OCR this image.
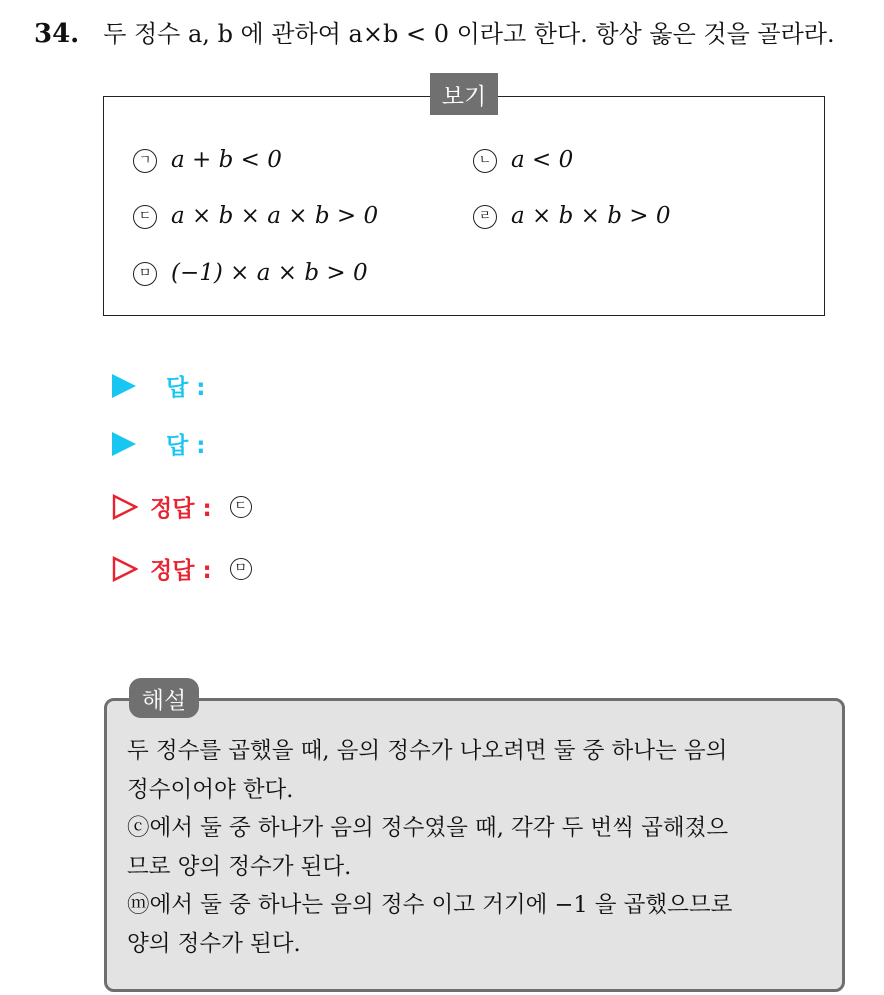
34. 두 정수 a, b 에 관하여 a×b < 0 이라고 한다. 항상 옳은 것을 골라라.
보기
ㄱ a + b < 0	ㄴ a < 0
ㄷ a × b × a × b > 0	ㄹ a × b × b > 0
ㅁ (−1) × a × b > 0
답 :
답 :
정답 :	ㄷ
정답 :	ㅁ
해설
두 정수를 곱했을 때, 음의 정수가 나오려면 둘 중 하나는 음의
정수이어야 한다.
ⓒ에서 둘 중 하나가 음의 정수였을 때, 각각 두 번씩 곱해졌으
므로 양의 정수가 된다.
ⓜ에서 둘 중 하나는 음의 정수 이고 거기에 −1 을 곱했으므로
양의 정수가 된다.
